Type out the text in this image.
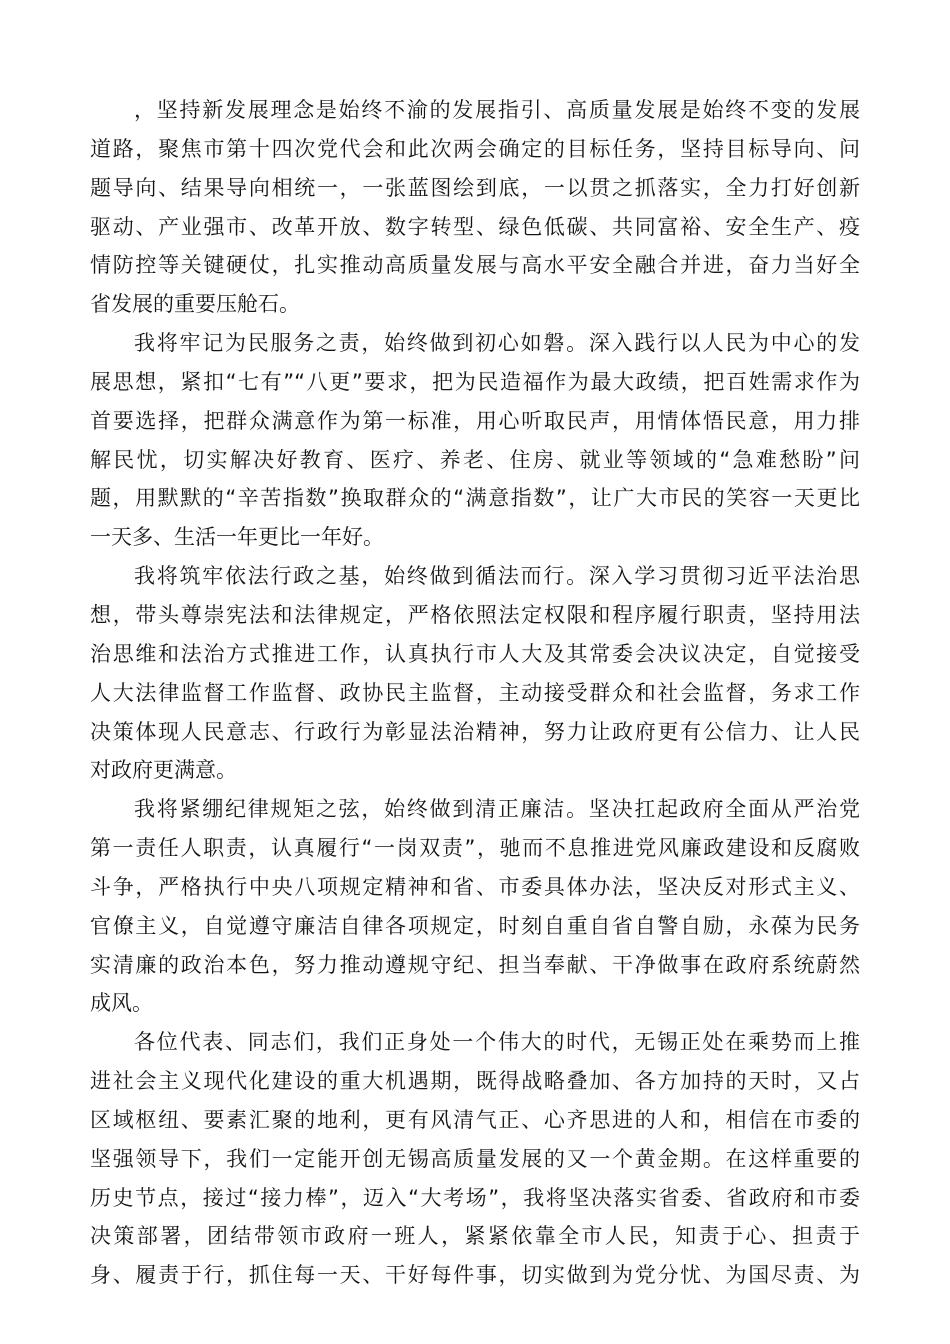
，坚持新发展理念是始终不渝的发展指引、高质量发展是始终不变的发展
道路，聚焦市第十四次党代会和此次两会确定的目标任务，坚持目标导向、问
题导向、结果导向相统一，一张蓝图绘到底，一以贯之抓落实，全力打好创新
驱动、产业强市、改革开放、数字转型、绿色低碳、共同富裕、安全生产、疫
情防控等关键硬仗，扎实推动高质量发展与高水平安全融合并进，奋力当好全
省发展的重要压舱石。
我将牢记为民服务之责，始终做到初心如磐。深入践行以人民为中心的发
展思想，紧扣“七有”“八更”要求，把为民造福作为最大政绩，把百姓需求作为
首要选择，把群众满意作为第一标准，用心听取民声，用情体悟民意，用力排
解民忧，切实解决好教育、医疗、养老、住房、就业等领域的“急难愁盼”问
题，用默默的“辛苦指数”换取群众的“满意指数”，让广大市民的笑容一天更比
一天多、生活一年更比一年好。
我将筑牢依法行政之基，始终做到循法而行。深入学习贯彻习近平法治思
想，带头尊崇宪法和法律规定，严格依照法定权限和程序履行职责，坚持用法
治思维和法治方式推进工作，认真执行市人大及其常委会决议决定，自觉接受
人大法律监督工作监督、政协民主监督，主动接受群众和社会监督，务求工作
决策体现人民意志、行政行为彰显法治精神，努力让政府更有公信力、让人民
对政府更满意。
我将紧绷纪律规矩之弦，始终做到清正廉洁。坚决扛起政府全面从严治党
第一责任人职责，认真履行“一岗双责”，驰而不息推进党风廉政建设和反腐败
斗争，严格执行中央八项规定精神和省、市委具体办法，坚决反对形式主义、
官僚主义，自觉遵守廉洁自律各项规定，时刻自重自省自警自励，永葆为民务
实清廉的政治本色，努力推动遵规守纪、担当奉献、干净做事在政府系统蔚然
成风。
各位代表、同志们，我们正身处一个伟大的时代，无锡正处在乘势而上推
进社会主义现代化建设的重大机遇期，既得战略叠加、各方加持的天时，又占
区域枢纽、要素汇聚的地利，更有风清气正、心齐思进的人和，相信在市委的
坚强领导下，我们一定能开创无锡高质量发展的又一个黄金期。在这样重要的
历史节点，接过“接力棒”，迈入“大考场”，我将坚决落实省委、省政府和市委
决策部署，团结带领市政府一班人，紧紧依靠全市人民，知责于心、担责于
身、履责于行，抓住每一天、干好每件事，切实做到为党分忧、为国尽责、为
